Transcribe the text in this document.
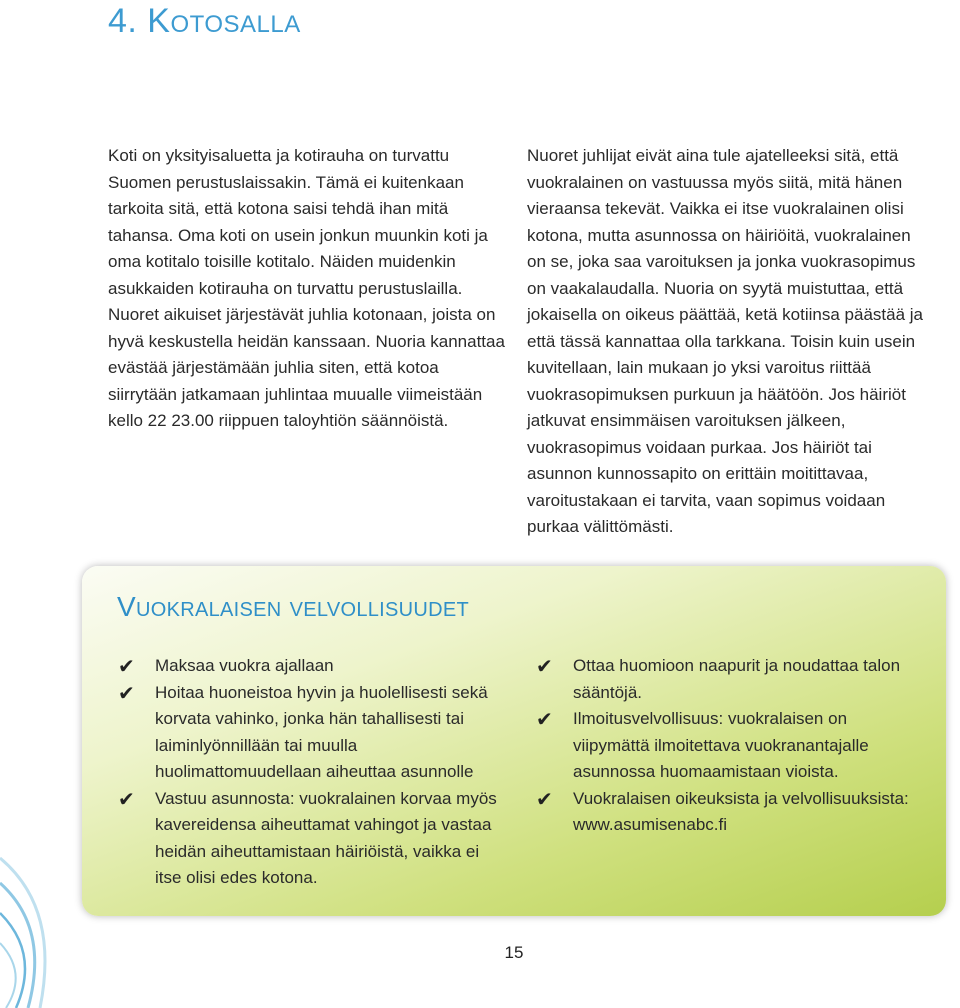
4. Kotosalla

Koti on yksityisaluetta ja kotirauha on turvattu Suomen perustuslaissakin. Tämä ei kuitenkaan tarkoita sitä, että kotona saisi tehdä ihan mitä tahansa. Oma koti on usein jonkun muunkin koti ja oma kotitalo toisille kotitalo. Näiden muidenkin asukkaiden kotirauha on turvattu perustuslailla. Nuoret aikuiset järjestävät juhlia kotonaan, joista on hyvä keskustella heidän kanssaan. Nuoria kannattaa evästää järjestämään juhlia siten, että kotoa siirrytään jatkamaan juhlintaa muualle viimeistään kello 22 23.00 riippuen taloyhtiön säännöistä.

Nuoret juhlijat eivät aina tule ajatelleeksi sitä, että vuokralainen on vastuussa myös siitä, mitä hänen vieraansa tekevät. Vaikka ei itse vuokralainen olisi kotona, mutta asunnossa on häiriöitä, vuokralainen on se, joka saa varoituksen ja jonka vuokrasopimus on vaakalaudalla. Nuoria on syytä muistuttaa, että jokaisella on oikeus päättää, ketä kotiinsa päästää ja että tässä kannattaa olla tarkkana. Toisin kuin usein kuvitellaan, lain mukaan jo yksi varoitus riittää vuokrasopimuksen purkuun ja häätöön. Jos häiriöt jatkuvat ensimmäisen varoituksen jälkeen, vuokrasopimus voidaan purkaa. Jos häiriöt tai asunnon kunnossapito on erittäin moitittavaa, varoitustakaan ei tarvita, vaan sopimus voidaan purkaa välittömästi.

Vuokralaisen velvollisuudet
✔	Maksaa vuokra ajallaan
✔	Hoitaa huoneistoa hyvin ja huolellisesti sekä korvata vahinko, jonka hän tahallisesti tai laiminlyönnillään tai muulla huolimattomuudellaan aiheuttaa asunnolle
✔	Vastuu asunnosta: vuokralainen korvaa myös kavereidensa aiheuttamat vahingot ja vastaa heidän aiheuttamistaan häiriöistä, vaikka ei itse olisi edes kotona.
✔	Ottaa huomioon naapurit ja noudattaa talon sääntöjä.
✔	Ilmoitusvelvollisuus: vuokralaisen on viipymättä ilmoitettava vuokranantajalle asunnossa huomaamistaan vioista.
✔	Vuokralaisen oikeuksista ja velvollisuuksista: www.asumisenabc.fi
15
